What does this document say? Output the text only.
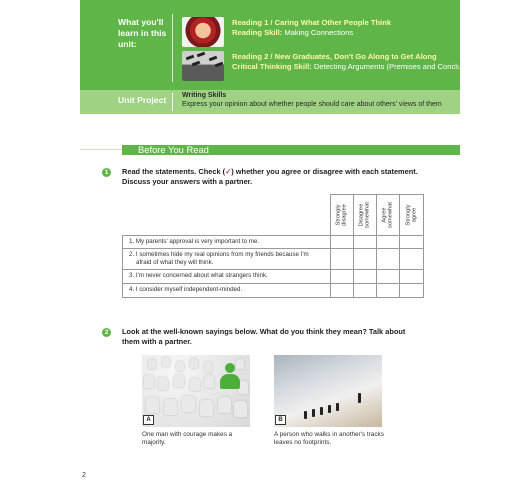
What you'll learn in this unit:
Reading 1 / Caring What Other People Think
Reading Skill: Making Connections
Reading 2 / New Graduates, Don't Go Along to Get Along
Critical Thinking Skill: Detecting Arguments (Premises and Conclusions)
Unit Project Writing Skills
Express your opinion about whether people should care about others' views of them
Before You Read
1	Read the statements. Check (✓) whether you agree or disagree with each statement.
Discuss your answers with a partner.
Strongly disagree Disagree somewhat Agree somewhat Strongly agree
1. My parents' approval is very important to me.
2. I sometimes hide my real opinions from my friends because I'm
afraid of what they will think.
3. I'm never concerned about what strangers think.
4. I consider myself independent-minded.
2	Look at the well-known sayings below. What do you think they mean? Talk about
them with a partner.
A
One man with courage makes a
majority.
B
A person who walks in another's tracks
leaves no footprints.
2
